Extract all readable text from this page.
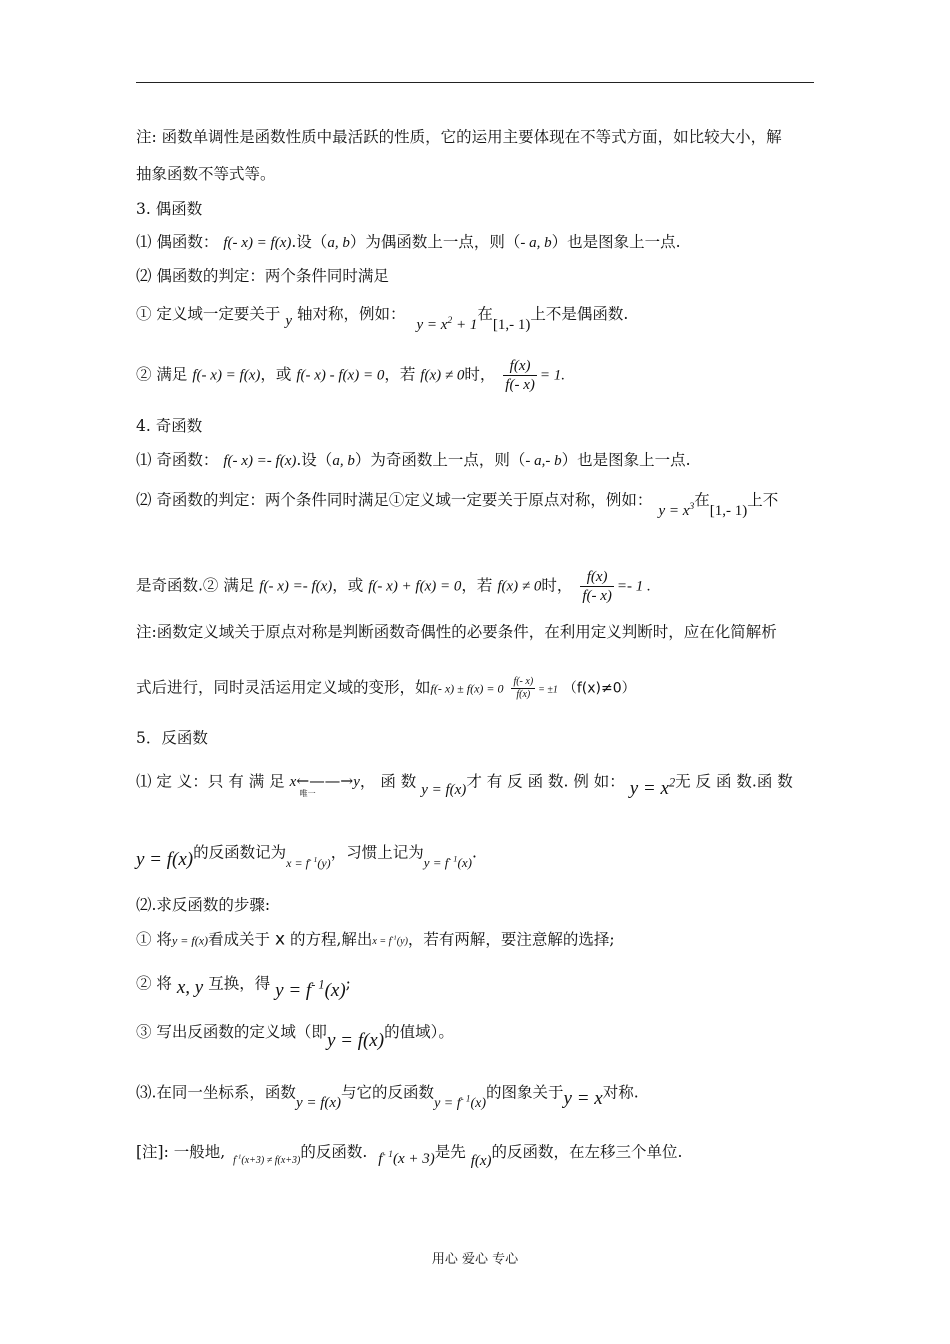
注: 函数单调性是函数性质中最活跃的性质，它的运用主要体现在不等式方面，如比较大小，解
抽象函数不等式等。
3. 偶函数
⑴ 偶函数： f(- x) = f(x).设（a, b）为偶函数上一点，则（- a, b）也是图象上一点.
⑵ 偶函数的判定：两个条件同时满足
① 定义域一定要关于 y 轴对称，例如： $y = x^2 + 1$在[1,- 1)上不是偶函数.
② 满足 f(- x) = f(x)，或 f(- x) - f(x) = 0，若 f(x) ≠ 0时， $\frac{f(x)}{f(- x)} = 1$.
4. 奇函数
⑴ 奇函数： f(- x) =- f(x).设（a, b）为奇函数上一点，则（- a,- b）也是图象上一点.
⑵ 奇函数的判定：两个条件同时满足①定义域一定要关于原点对称，例如：$y = x^3$在[1,- 1)上不
是奇函数.② 满足 f(- x) =- f(x)，或 f(- x) + f(x) = 0，若 f(x) ≠ 0时， $\frac{f(x)}{f(- x)} =- 1$ .
注:函数定义域关于原点对称是判断函数奇偶性的必要条件，在利用定义判断时，应在化简解析
式后进行，同时灵活运用定义域的变形，如f(- $x) \pm f(x) = 0 \frac{f(- x)}{f(x)} = \pm 1$ （f(x)≠0）
5．反函数
⑴ 定 义：只 有 满 足 x←——→
唯一
y， 函 数 y = f(x)才 有 反 函 数. 例 如： $y = x^2$无 反 函 数.函 数
y = f(x)的反函数记为$_{x = f^{- 1}(y)}$，习惯上记为$_{y = f^{- 1}(x)}$.
⑵.求反函数的步骤:
① 将y = f(x)看成关于 x 的方程,解出$x = f^{-1}(y)$，若有两解，要注意解的选择;
② 将 x, y 互换，得 $y = f^{- 1}(x)$;
③ 写出反函数的定义域（即y = f(x)的值域）。
⑶.在同一坐标系，函数y = f(x)与它的反函数$y = f^{- 1}(x)$的图象关于y = x对称.
[注]: 一般地, $_{f^{-1}(x+3) \ne f(x+3)}$的反函数. $f^{- 1}(x + 3)$是先 f(x)的反函数，在左移三个单位.
用心 爱心 专心
